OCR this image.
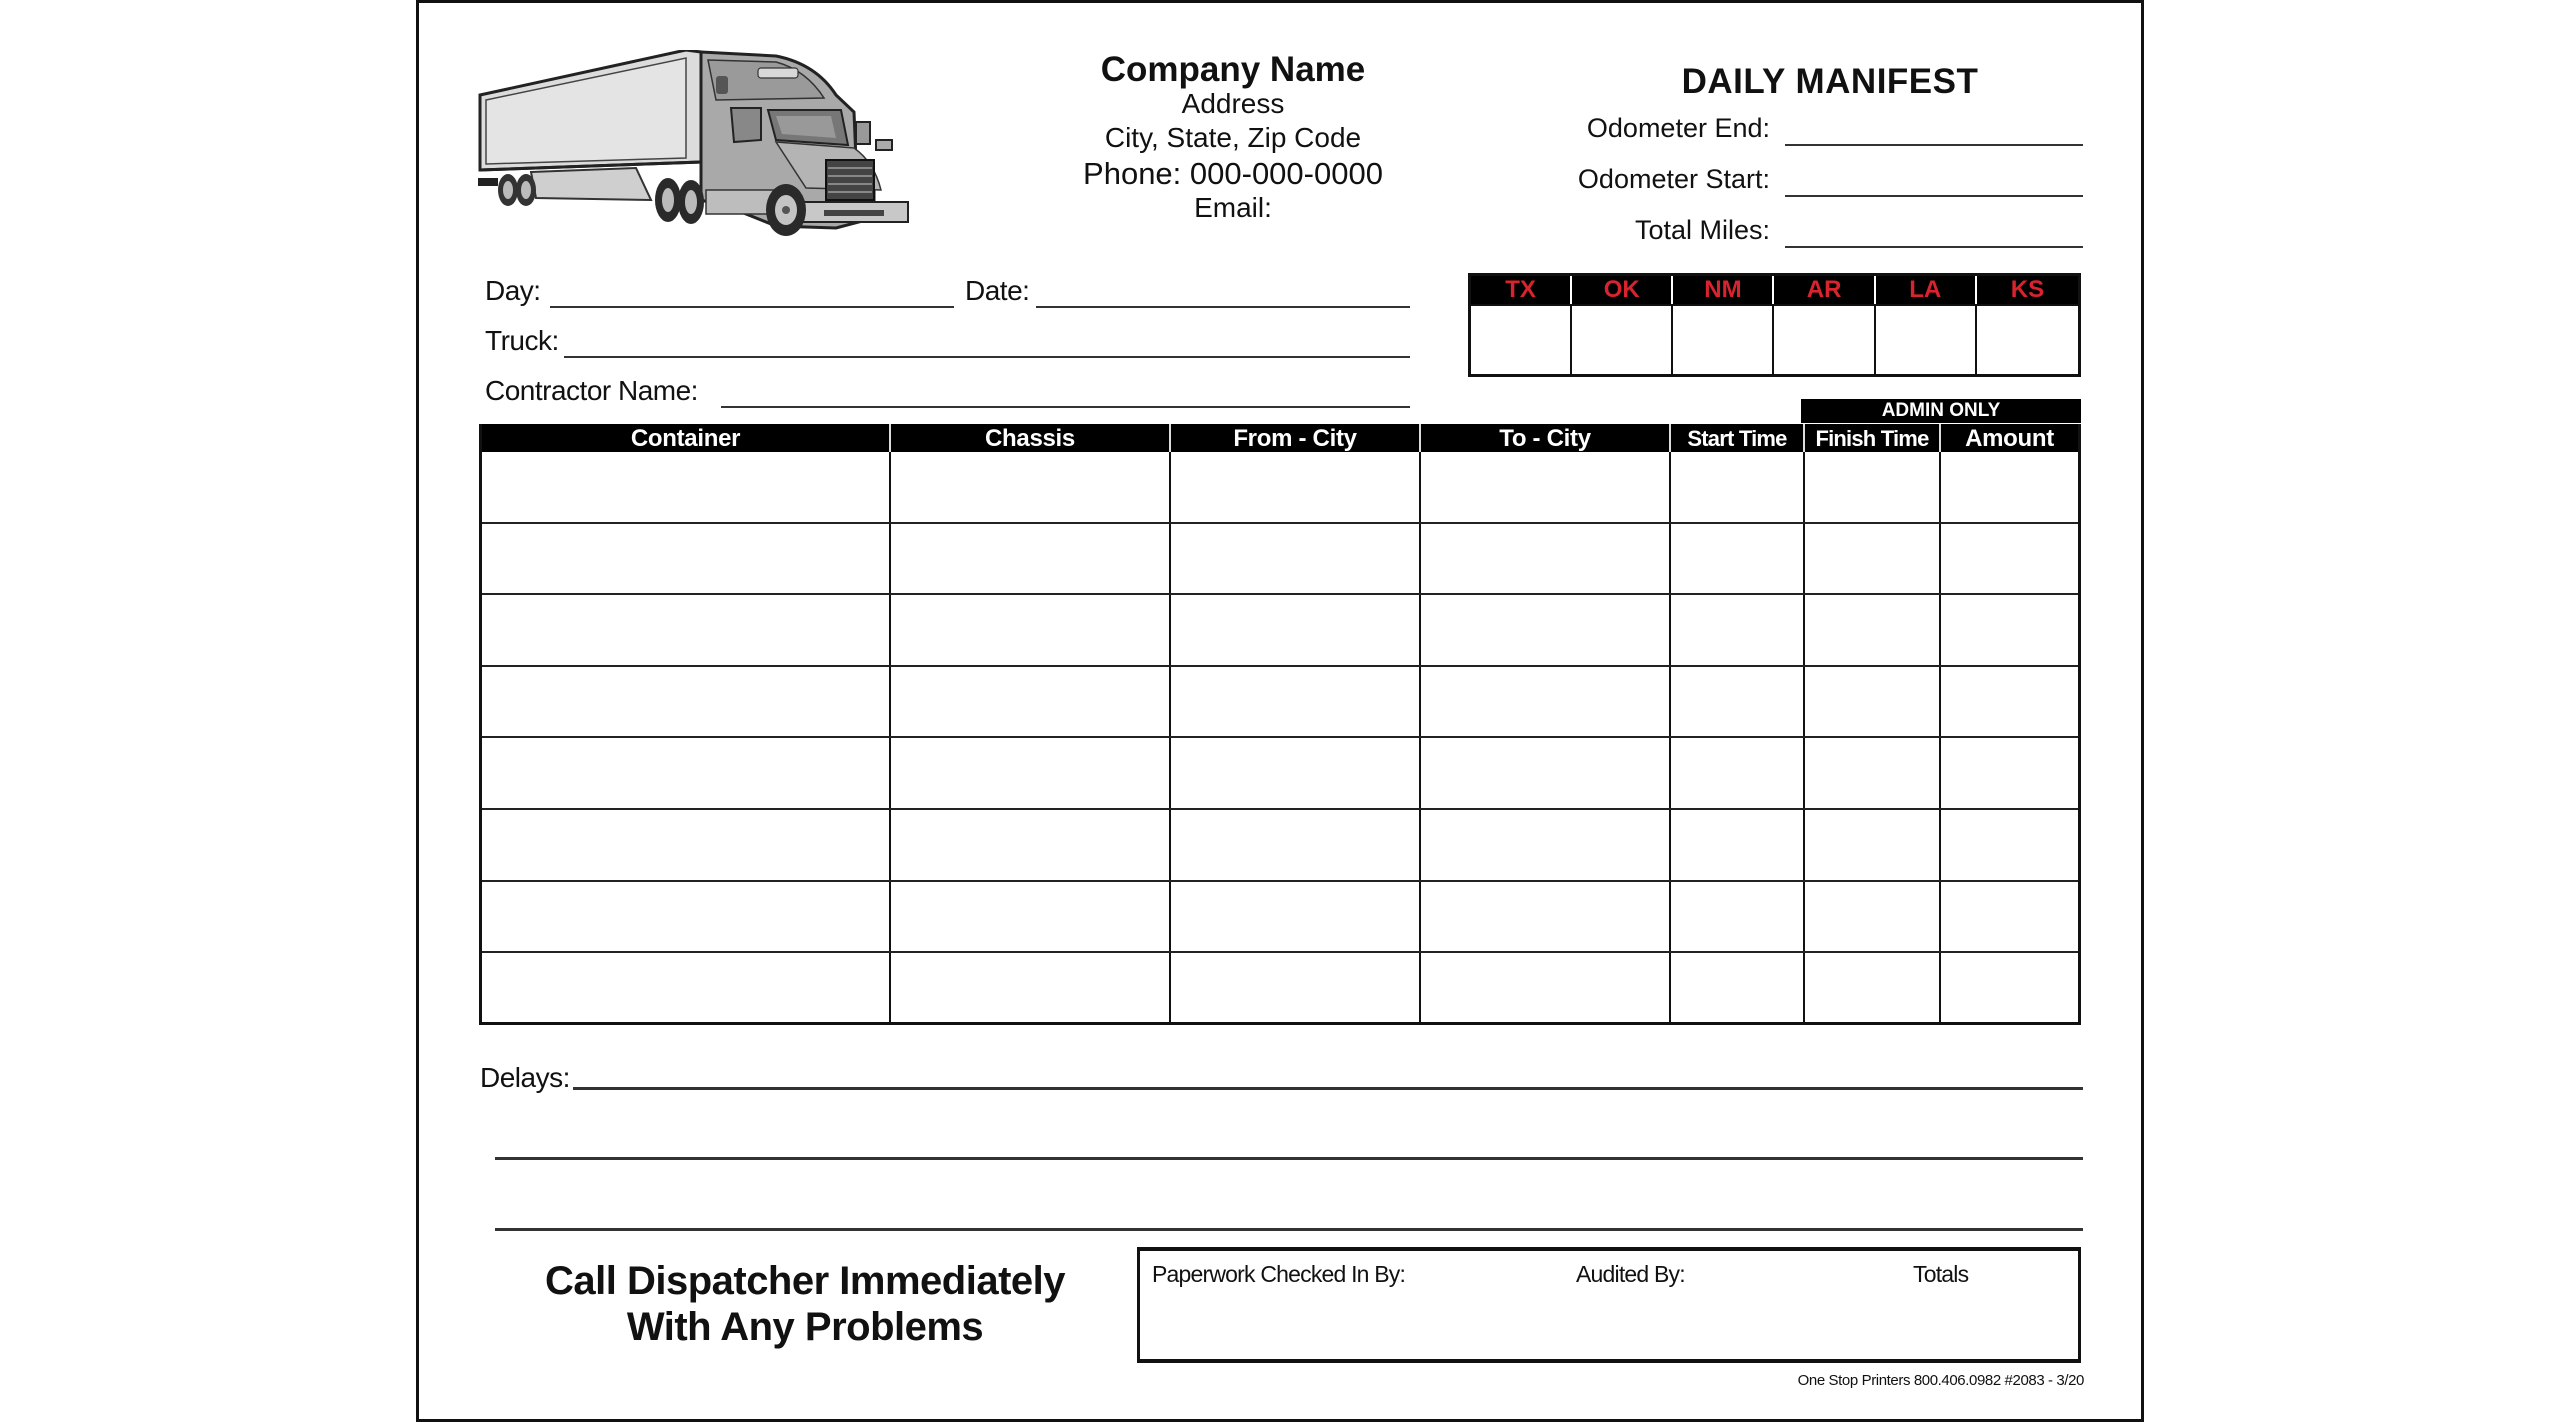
Company Name
Address
City, State, Zip Code
Phone: 000-000-0000
Email:
DAILY MANIFEST
Odometer End:
Odometer Start:
Total Miles:
Day:	Date:
Truck:
Contractor Name:
TX	OK	NM	AR	LA	KS
ADMIN ONLY
Container	Chassis	From - City	To - City	Start Time	Finish Time	Amount
Delays:
Call Dispatcher Immediately
With Any Problems
Paperwork Checked In By:	Audited By:	Totals
One Stop Printers 800.406.0982 #2083 - 3/20
